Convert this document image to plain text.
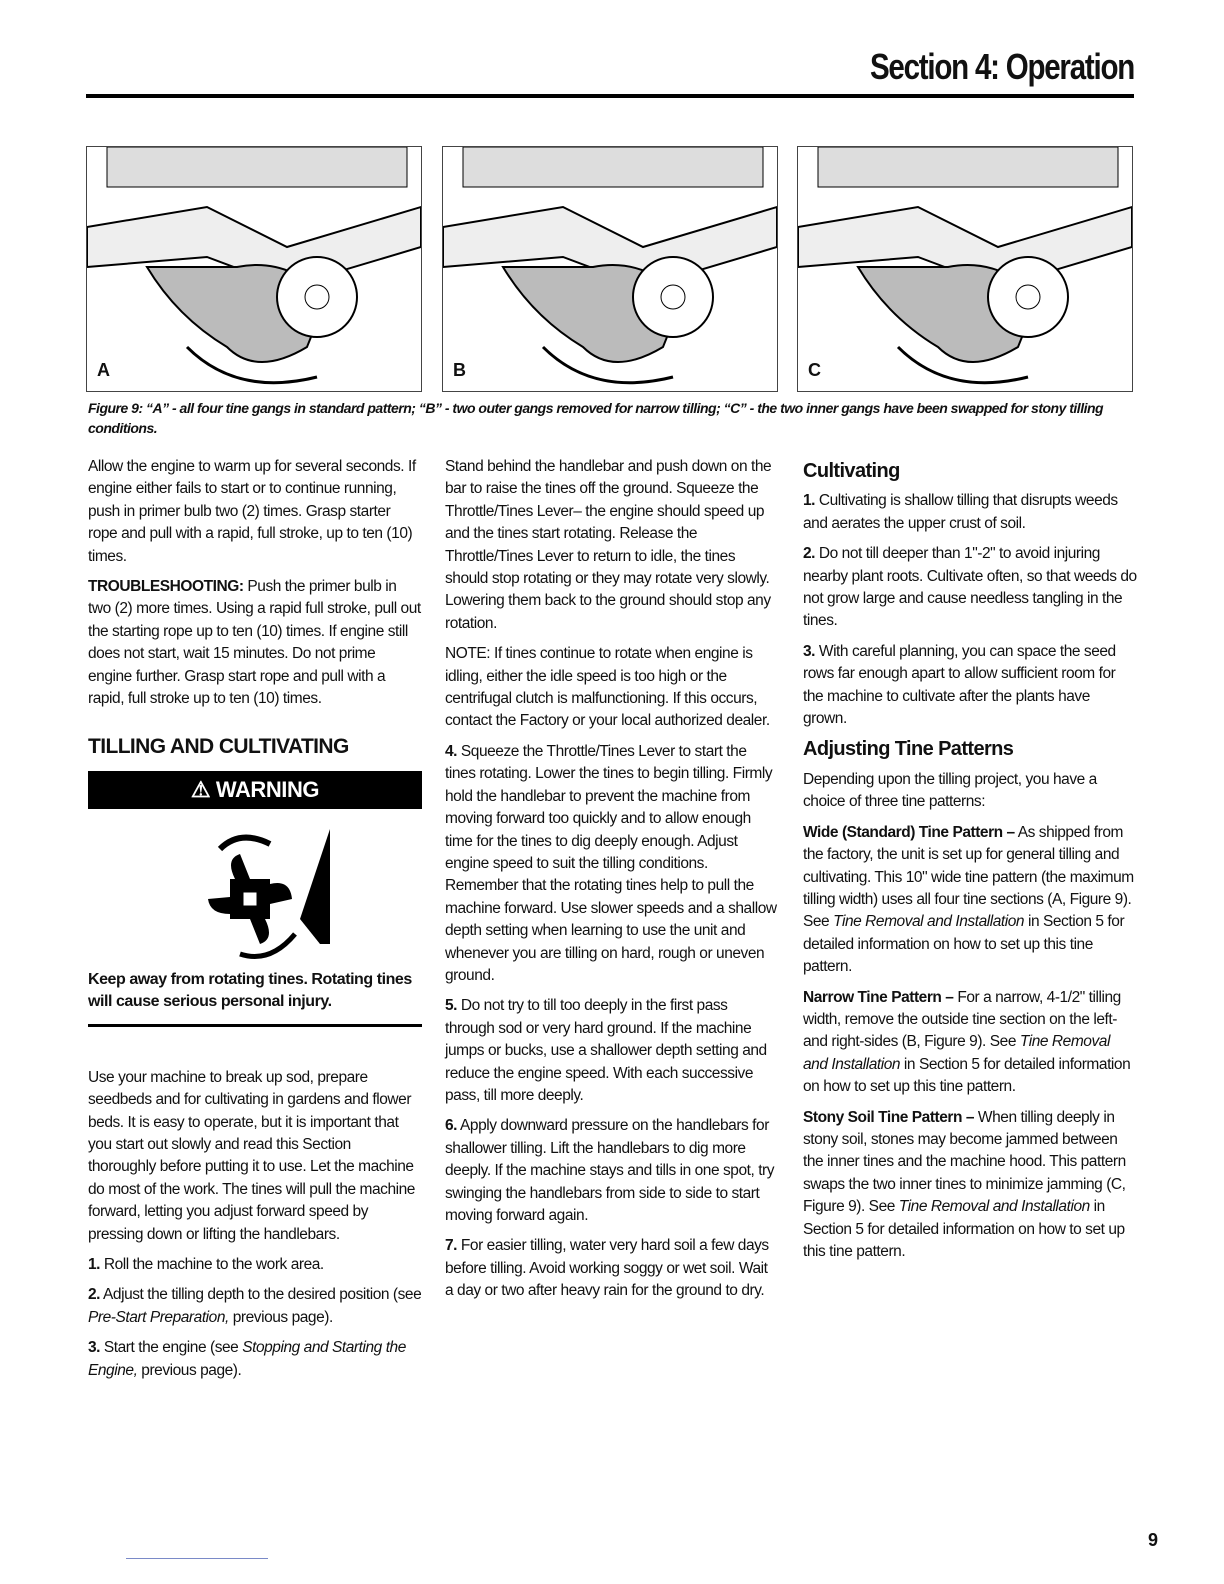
Section 4: Operation
A	B	C
Figure 9: “A” - all four tine gangs in standard pattern; “B” - two outer gangs removed for narrow tilling; “C” - the two inner gangs have been swapped for stony tilling conditions.

Allow the engine to warm up for several seconds. If engine either fails to start or to continue running, push in primer bulb two (2) times. Grasp starter rope and pull with a rapid, full stroke, up to ten (10) times.

TROUBLESHOOTING: Push the primer bulb in two (2) more times. Using a rapid full stroke, pull out the starting rope up to ten (10) times. If engine still does not start, wait 15 minutes. Do not prime engine further. Grasp start rope and pull with a rapid, full stroke up to ten (10) times.

TILLING AND CULTIVATING

⚠ WARNING

Keep away from rotating tines. Rotating tines will cause serious personal injury.

Use your machine to break up sod, prepare seedbeds and for cultivating in gardens and flower beds. It is easy to operate, but it is important that you start out slowly and read this Section thoroughly before putting it to use. Let the machine do most of the work. The tines will pull the machine forward, letting you adjust forward speed by pressing down or lifting the handlebars.

1. Roll the machine to the work area.

2. Adjust the tilling depth to the desired position (see Pre-Start Preparation, previous page).

3. Start the engine (see Stopping and Starting the Engine, previous page).

Stand behind the handlebar and push down on the bar to raise the tines off the ground. Squeeze the Throttle/Tines Lever– the engine should speed up and the tines start rotating. Release the Throttle/Tines Lever to return to idle, the tines should stop rotating or they may rotate very slowly. Lowering them back to the ground should stop any rotation.

NOTE: If tines continue to rotate when engine is idling, either the idle speed is too high or the centrifugal clutch is malfunctioning. If this occurs, contact the Factory or your local authorized dealer.

4. Squeeze the Throttle/Tines Lever to start the tines rotating. Lower the tines to begin tilling. Firmly hold the handlebar to prevent the machine from moving forward too quickly and to allow enough time for the tines to dig deeply enough. Adjust engine speed to suit the tilling conditions. Remember that the rotating tines help to pull the machine forward. Use slower speeds and a shallow depth setting when learning to use the unit and whenever you are tilling on hard, rough or uneven ground.

5. Do not try to till too deeply in the first pass through sod or very hard ground. If the machine jumps or bucks, use a shallower depth setting and reduce the engine speed. With each successive pass, till more deeply.

6. Apply downward pressure on the handlebars for shallower tilling. Lift the handlebars to dig more deeply. If the machine stays and tills in one spot, try swinging the handlebars from side to side to start moving forward again.

7. For easier tilling, water very hard soil a few days before tilling. Avoid working soggy or wet soil. Wait a day or two after heavy rain for the ground to dry.

Cultivating

1. Cultivating is shallow tilling that disrupts weeds and aerates the upper crust of soil.

2. Do not till deeper than 1"-2" to avoid injuring nearby plant roots. Cultivate often, so that weeds do not grow large and cause needless tangling in the tines.

3. With careful planning, you can space the seed rows far enough apart to allow sufficient room for the machine to cultivate after the plants have grown.

Adjusting Tine Patterns

Depending upon the tilling project, you have a choice of three tine patterns:

Wide (Standard) Tine Pattern – As shipped from the factory, the unit is set up for general tilling and cultivating. This 10" wide tine pattern (the maximum tilling width) uses all four tine sections (A, Figure 9). See Tine Removal and Installation in Section 5 for detailed information on how to set up this tine pattern.

Narrow Tine Pattern – For a narrow, 4-1/2" tilling width, remove the outside tine section on the left- and right-sides (B, Figure 9). See Tine Removal and Installation in Section 5 for detailed information on how to set up this tine pattern.

Stony Soil Tine Pattern – When tilling deeply in stony soil, stones may become jammed between the inner tines and the machine hood. This pattern swaps the two inner tines to minimize jamming (C, Figure 9). See Tine Removal and Installation in Section 5 for detailed information on how to set up this tine pattern.

9
